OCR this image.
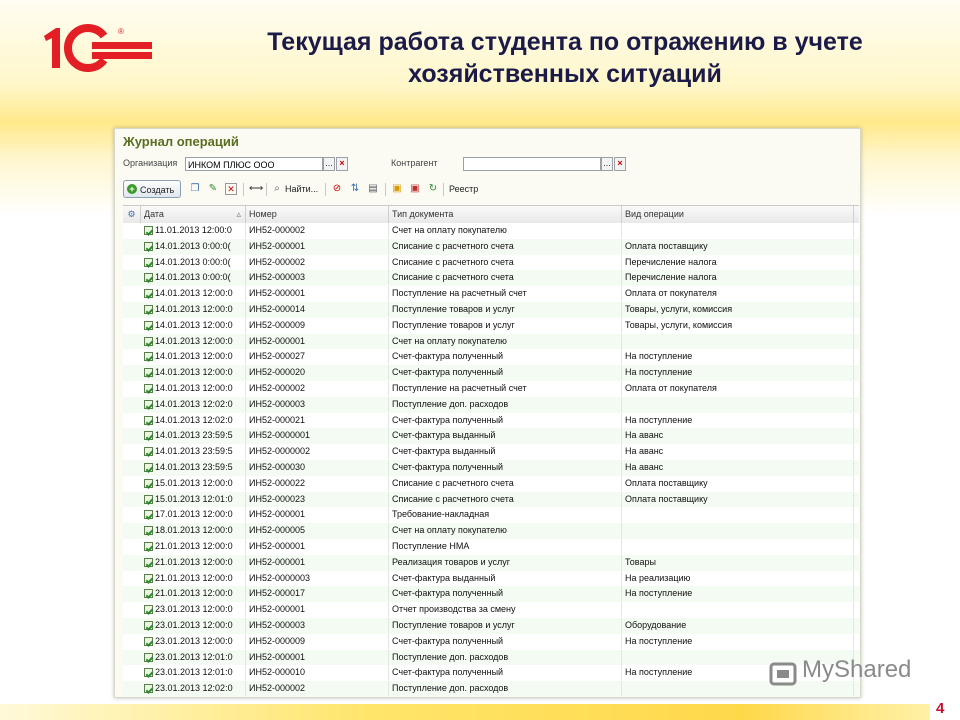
®	Текущая работа студента по отражению в учете
хозяйственных ситуаций
Журнал операций
Организация	ИНКОМ ПЛЮС ООО	... ×	Контрагент	... ×
+ Создать	❐ ✎ ✕ ⟷	⌕ Найти... ⊘ ⇅ ▤ ▣ ▣ ↻ Реестр
⚙ Дата	▵ Номер	Тип документа	Вид операции
11.01.2013 12:00:0	ИН52-000002	Счет на оплату покупателю
14.01.2013 0:00:0(	ИН52-000001	Списание с расчетного счета	Оплата поставщику
14.01.2013 0:00:0(	ИН52-000002	Списание с расчетного счета	Перечисление налога
14.01.2013 0:00:0(	ИН52-000003	Списание с расчетного счета	Перечисление налога
14.01.2013 12:00:0	ИН52-000001	Поступление на расчетный счет	Оплата от покупателя
14.01.2013 12:00:0	ИН52-000014	Поступление товаров и услуг	Товары, услуги, комиссия
14.01.2013 12:00:0	ИН52-000009	Поступление товаров и услуг	Товары, услуги, комиссия
14.01.2013 12:00:0	ИН52-000001	Счет на оплату покупателю
14.01.2013 12:00:0	ИН52-000027	Счет-фактура полученный	На поступление
14.01.2013 12:00:0	ИН52-000020	Счет-фактура полученный	На поступление
14.01.2013 12:00:0	ИН52-000002	Поступление на расчетный счет	Оплата от покупателя
14.01.2013 12:02:0	ИН52-000003	Поступление доп. расходов
14.01.2013 12:02:0	ИН52-000021	Счет-фактура полученный	На поступление
14.01.2013 23:59:5	ИН52-0000001	Счет-фактура выданный	На аванс
14.01.2013 23:59:5	ИН52-0000002	Счет-фактура выданный	На аванс
14.01.2013 23:59:5	ИН52-000030	Счет-фактура полученный	На аванс
15.01.2013 12:00:0	ИН52-000022	Списание с расчетного счета	Оплата поставщику
15.01.2013 12:01:0	ИН52-000023	Списание с расчетного счета	Оплата поставщику
17.01.2013 12:00:0	ИН52-000001	Требование-накладная
18.01.2013 12:00:0	ИН52-000005	Счет на оплату покупателю
21.01.2013 12:00:0	ИН52-000001	Поступление НМА
21.01.2013 12:00:0	ИН52-000001	Реализация товаров и услуг	Товары
21.01.2013 12:00:0	ИН52-0000003	Счет-фактура выданный	На реализацию
21.01.2013 12:00:0	ИН52-000017	Счет-фактура полученный	На поступление
23.01.2013 12:00:0	ИН52-000001	Отчет производства за смену
23.01.2013 12:00:0	ИН52-000003	Поступление товаров и услуг	Оборудование
23.01.2013 12:00:0	ИН52-000009	Счет-фактура полученный	На поступление
23.01.2013 12:01:0	ИН52-000001	Поступление доп. расходов
23.01.2013 12:01:0	ИН52-000010	Счет-фактура полученный	На поступление
23.01.2013 12:02:0	ИН52-000002	Поступление доп. расходов
MyShared
4
